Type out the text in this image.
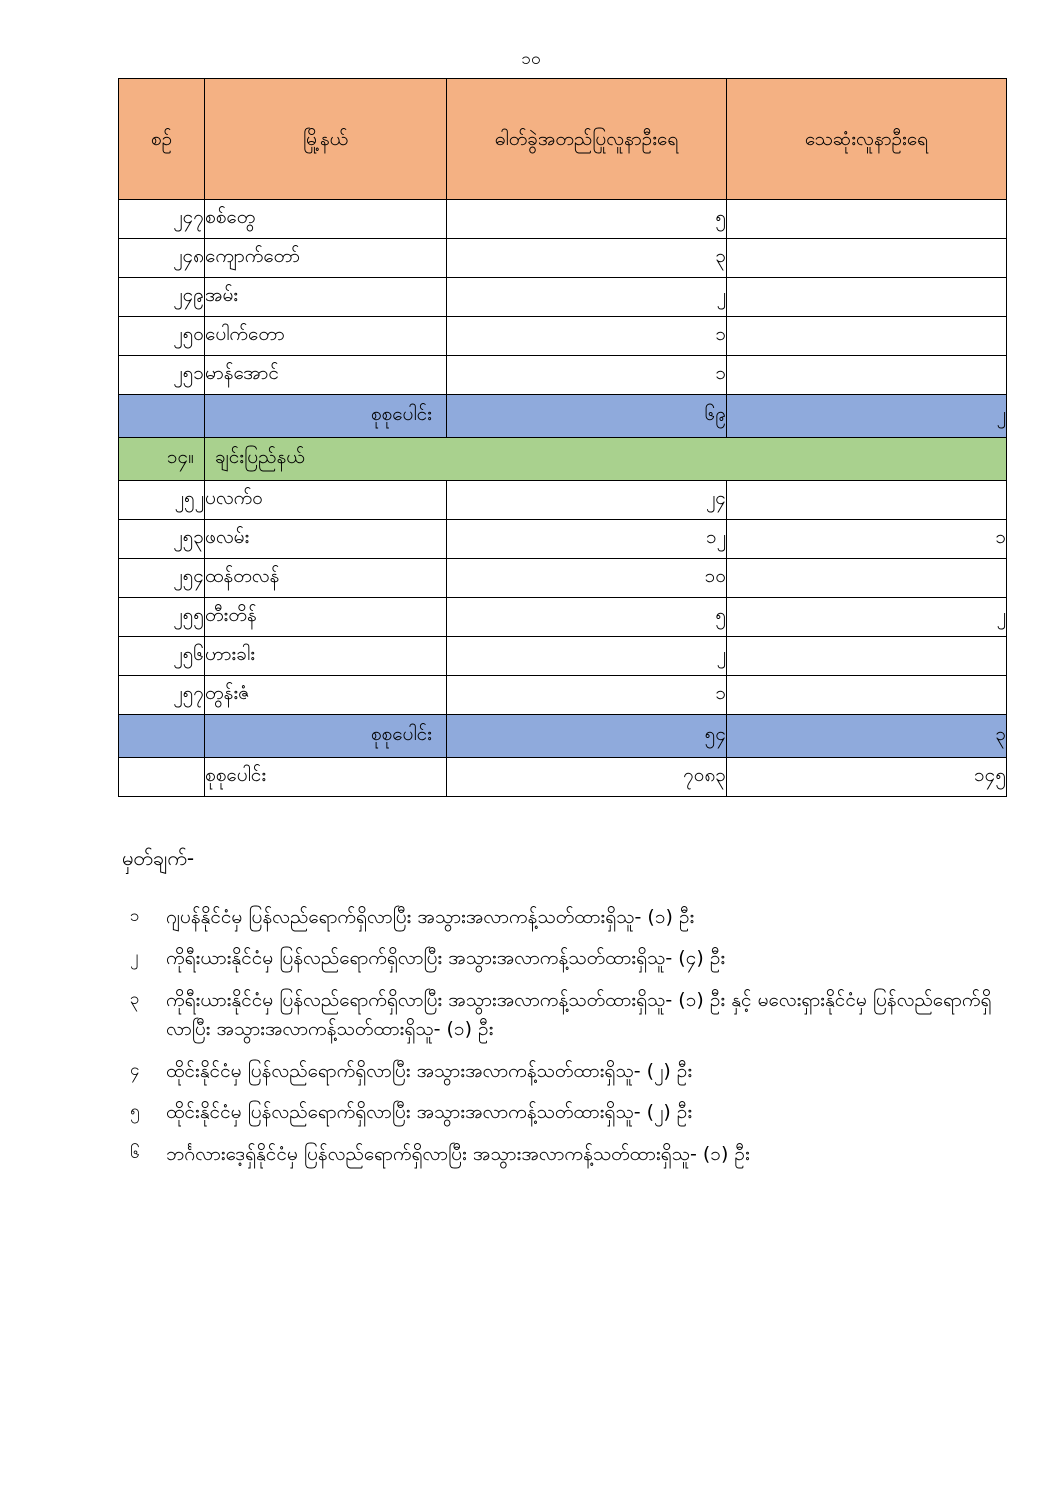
၁၀
စဉ်	မြို့နယ်	ဓါတ်ခွဲအတည်ပြုလူနာဦးရေ	သေဆုံးလူနာဦးရေ
၂၄၇	စစ်တွေ	၅	
၂၄၈	ကျောက်တော်	၃	
၂၄၉	အမ်း	၂	
၂၅၀	ပေါက်တော	၁	
၂၅၁	မာန်အောင်	၁	
	စုစုပေါင်း	၆၉	၂
၁၄။	ချင်းပြည်နယ်		
၂၅၂	ပလက်ဝ	၂၄	
၂၅၃	ဖလမ်း	၁၂	၁
၂၅၄	ထန်တလန်	၁၀	
၂၅၅	တီးတိန်	၅	၂
၂၅၆	ဟားခါး	၂	
၂၅၇	တွန်းဇံ	၁	
	စုစုပေါင်း	၅၄	၃
	စုစုပေါင်း	၇၀၈၃	၁၄၅
မှတ်ချက်-
၁	ဂျပန်နိုင်ငံမှ ပြန်လည်ရောက်ရှိလာပြီး အသွားအလာကန့်သတ်ထားရှိသူ- (၁) ဦး
၂	ကိုရီးယားနိုင်ငံမှ ပြန်လည်ရောက်ရှိလာပြီး အသွားအလာကန့်သတ်ထားရှိသူ- (၄) ဦး
၃	ကိုရီးယားနိုင်ငံမှ ပြန်လည်ရောက်ရှိလာပြီး အသွားအလာကန့်သတ်ထားရှိသူ- (၁) ဦး နှင့် မလေးရှားနိုင်ငံမှ ပြန်လည်ရောက်ရှိလာပြီး အသွားအလာကန့်သတ်ထားရှိသူ- (၁) ဦး
၄	ထိုင်းနိုင်ငံမှ ပြန်လည်ရောက်ရှိလာပြီး အသွားအလာကန့်သတ်ထားရှိသူ- (၂) ဦး
၅	ထိုင်းနိုင်ငံမှ ပြန်လည်ရောက်ရှိလာပြီး အသွားအလာကန့်သတ်ထားရှိသူ- (၂) ဦး
၆	ဘင်္ဂလားဒေ့ရှ်နိုင်ငံမှ ပြန်လည်ရောက်ရှိလာပြီး အသွားအလာကန့်သတ်ထားရှိသူ- (၁) ဦး
